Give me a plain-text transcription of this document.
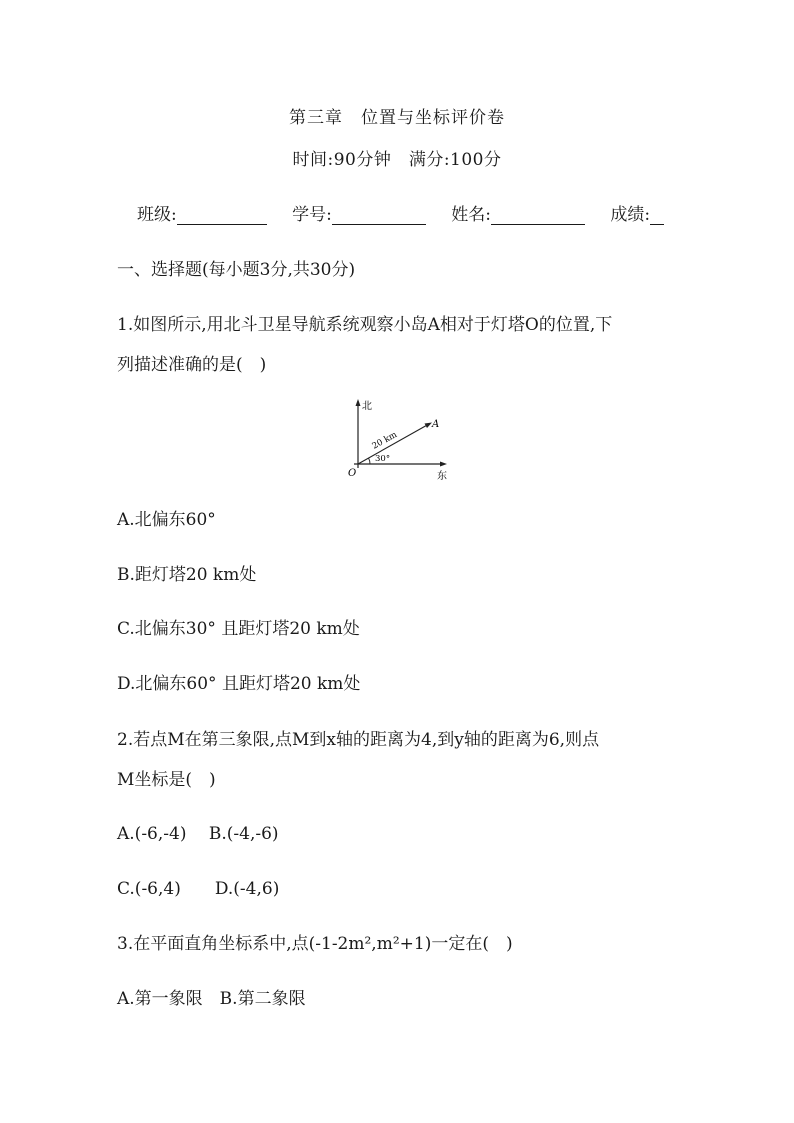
第三章　位置与坐标评价卷
时间:90分钟　满分:100分
班级:	学号:	姓名:	成绩:
一、选择题(每小题3分,共30分)
1.如图所示,用北斗卫星导航系统观察小岛A相对于灯塔O的位置,下
列描述准确的是(　)
北
东
O
A
20 km
30°
A.北偏东60°
B.距灯塔20 km处
C.北偏东30° 且距灯塔20 km处
D.北偏东60° 且距灯塔20 km处
2.若点M在第三象限,点M到x轴的距离为4,到y轴的距离为6,则点
M坐标是(　)
A.(-6,-4)　 B.(-4,-6)
C.(-6,4)　　D.(-4,6)
3.在平面直角坐标系中,点(-1-2m²,m²+1)一定在(　)
A.第一象限　B.第二象限
